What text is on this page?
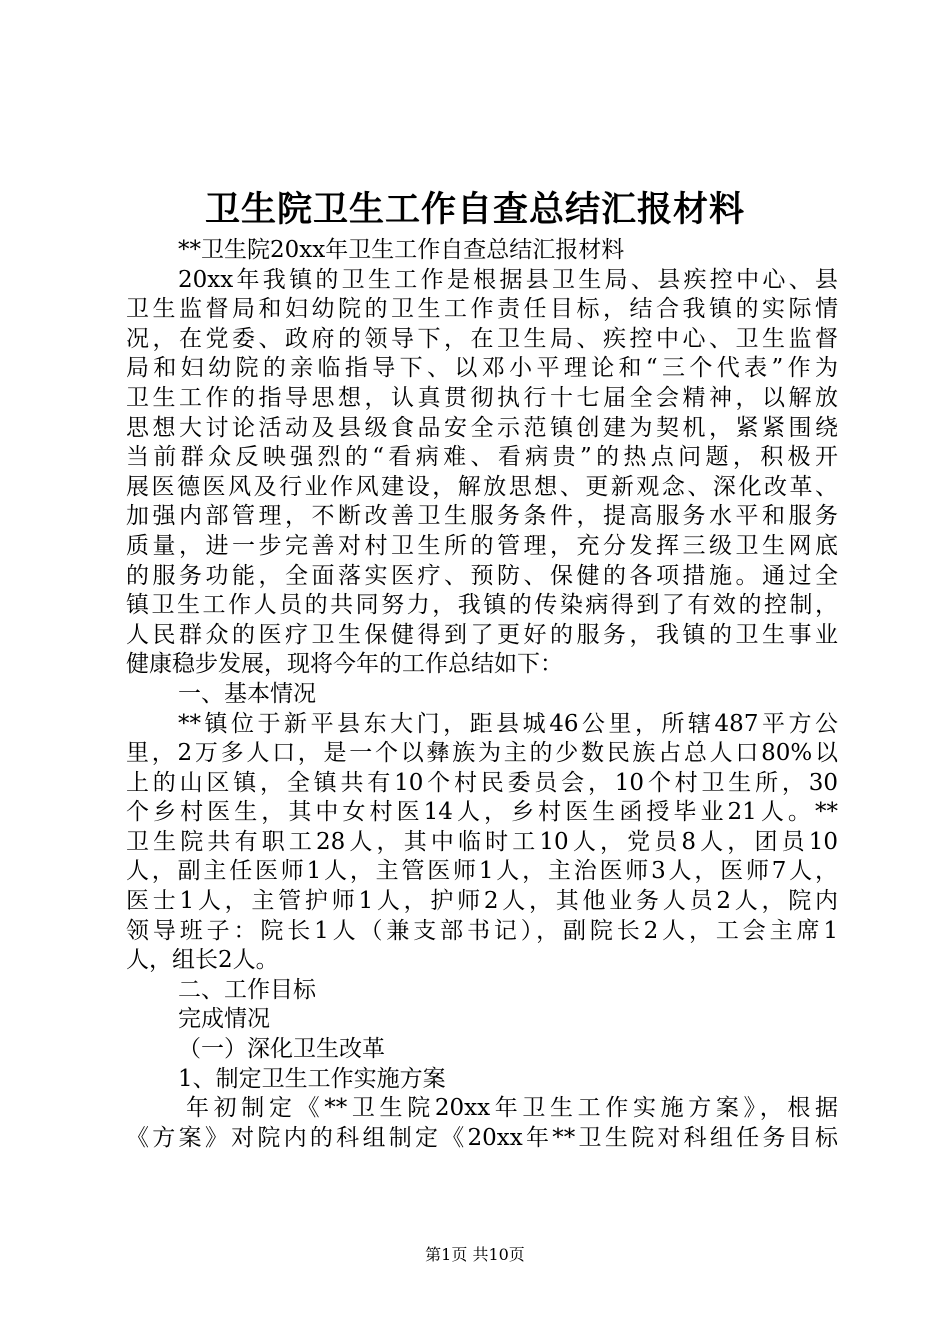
卫生院卫生工作自查总结汇报材料
**卫生院20xx年卫生工作自查总结汇报材料
20xx年我镇的卫生工作是根据县卫生局、县疾控中心、县
卫生监督局和妇幼院的卫生工作责任目标，结合我镇的实际情
况，在党委、政府的领导下，在卫生局、疾控中心、卫生监督
局和妇幼院的亲临指导下、以邓小平理论和“三个代表”作为
卫生工作的指导思想，认真贯彻执行十七届全会精神，以解放
思想大讨论活动及县级食品安全示范镇创建为契机，紧紧围绕
当前群众反映强烈的“看病难、看病贵”的热点问题，积极开
展医德医风及行业作风建设，解放思想、更新观念、深化改革、
加强内部管理，不断改善卫生服务条件，提高服务水平和服务
质量，进一步完善对村卫生所的管理，充分发挥三级卫生网底
的服务功能，全面落实医疗、预防、保健的各项措施。通过全
镇卫生工作人员的共同努力，我镇的传染病得到了有效的控制，
人民群众的医疗卫生保健得到了更好的服务，我镇的卫生事业
健康稳步发展，现将今年的工作总结如下：
一、基本情况
**镇位于新平县东大门，距县城46公里，所辖487平方公
里，2万多人口，是一个以彝族为主的少数民族占总人口80%以
上的山区镇，全镇共有10个村民委员会，10个村卫生所，30
个乡村医生，其中女村医14人，乡村医生函授毕业21人。**
卫生院共有职工28人，其中临时工10人，党员8人，团员10
人，副主任医师1人，主管医师1人，主治医师3人，医师7人，
医士1人，主管护师1人，护师2人，其他业务人员2人，院内
领导班子：院长1人（兼支部书记），副院长2人，工会主席1
人，组长2人。
二、工作目标
完成情况
（一）深化卫生改革
1、制定卫生工作实施方案
年初制定《**卫生院20xx年卫生工作实施方案》，根据
《方案》对院内的科组制定《20xx年**卫生院对科组任务目标
第1页 共10页
